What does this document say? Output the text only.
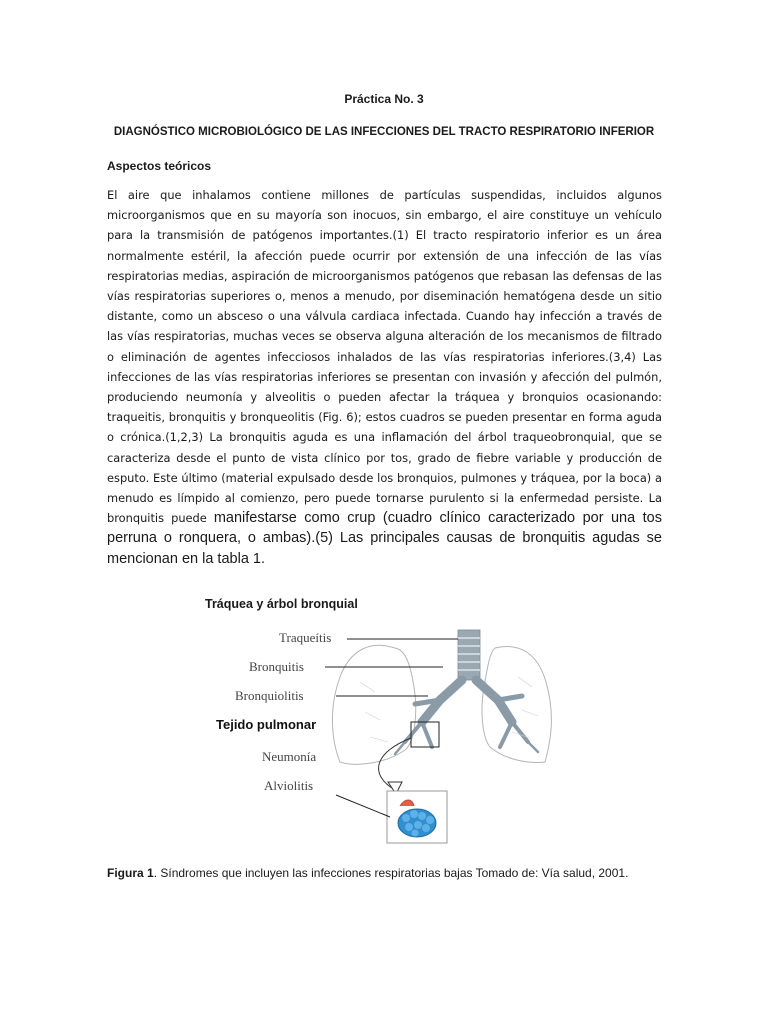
Práctica No. 3
DIAGNÓSTICO MICROBIOLÓGICO DE LAS INFECCIONES DEL TRACTO RESPIRATORIO INFERIOR
Aspectos teóricos
El aire que inhalamos contiene millones de partículas suspendidas, incluidos algunos microorganismos que en su mayoría son inocuos, sin embargo, el aire constituye un vehículo para la transmisión de patógenos importantes.(1) El tracto respiratorio inferior es un área normalmente estéril, la afección puede ocurrir por extensión de una infección de las vías respiratorias medias, aspiración de microorganismos patógenos que rebasan las defensas de las vías respiratorias superiores o, menos a menudo, por diseminación hematógena desde un sitio distante, como un absceso o una válvula cardiaca infectada. Cuando hay infección a través de las vías respiratorias, muchas veces se observa alguna alteración de los mecanismos de filtrado o eliminación de agentes infecciosos inhalados de las vías respiratorias inferiores.(3,4) Las infecciones de las vías respiratorias inferiores se presentan con invasión y afección del pulmón, produciendo neumonía y alveolitis o pueden afectar la tráquea y bronquios ocasionando: traqueitis, bronquitis y bronqueolitis (Fig. 6); estos cuadros se pueden presentar en forma aguda o crónica.(1,2,3) La bronquitis aguda es una inflamación del árbol traqueobronquial, que se caracteriza desde el punto de vista clínico por tos, grado de fiebre variable y producción de esputo. Este último (material expulsado desde los bronquios, pulmones y tráquea, por la boca) a menudo es límpido al comienzo, pero puede tornarse purulento si la enfermedad persiste. La bronquitis puede manifestarse como crup (cuadro clínico caracterizado por una tos perruna o ronquera, o ambas).(5) Las principales causas de bronquitis agudas se mencionan en la tabla 1.
Tráquea y árbol bronquial
Traqueítis
Bronquitis
Bronquiolitis
Tejido pulmonar
Neumonía
Alviolitis
Figura 1. Síndromes que incluyen las infecciones respiratorias bajas Tomado de: Vía salud, 2001.
